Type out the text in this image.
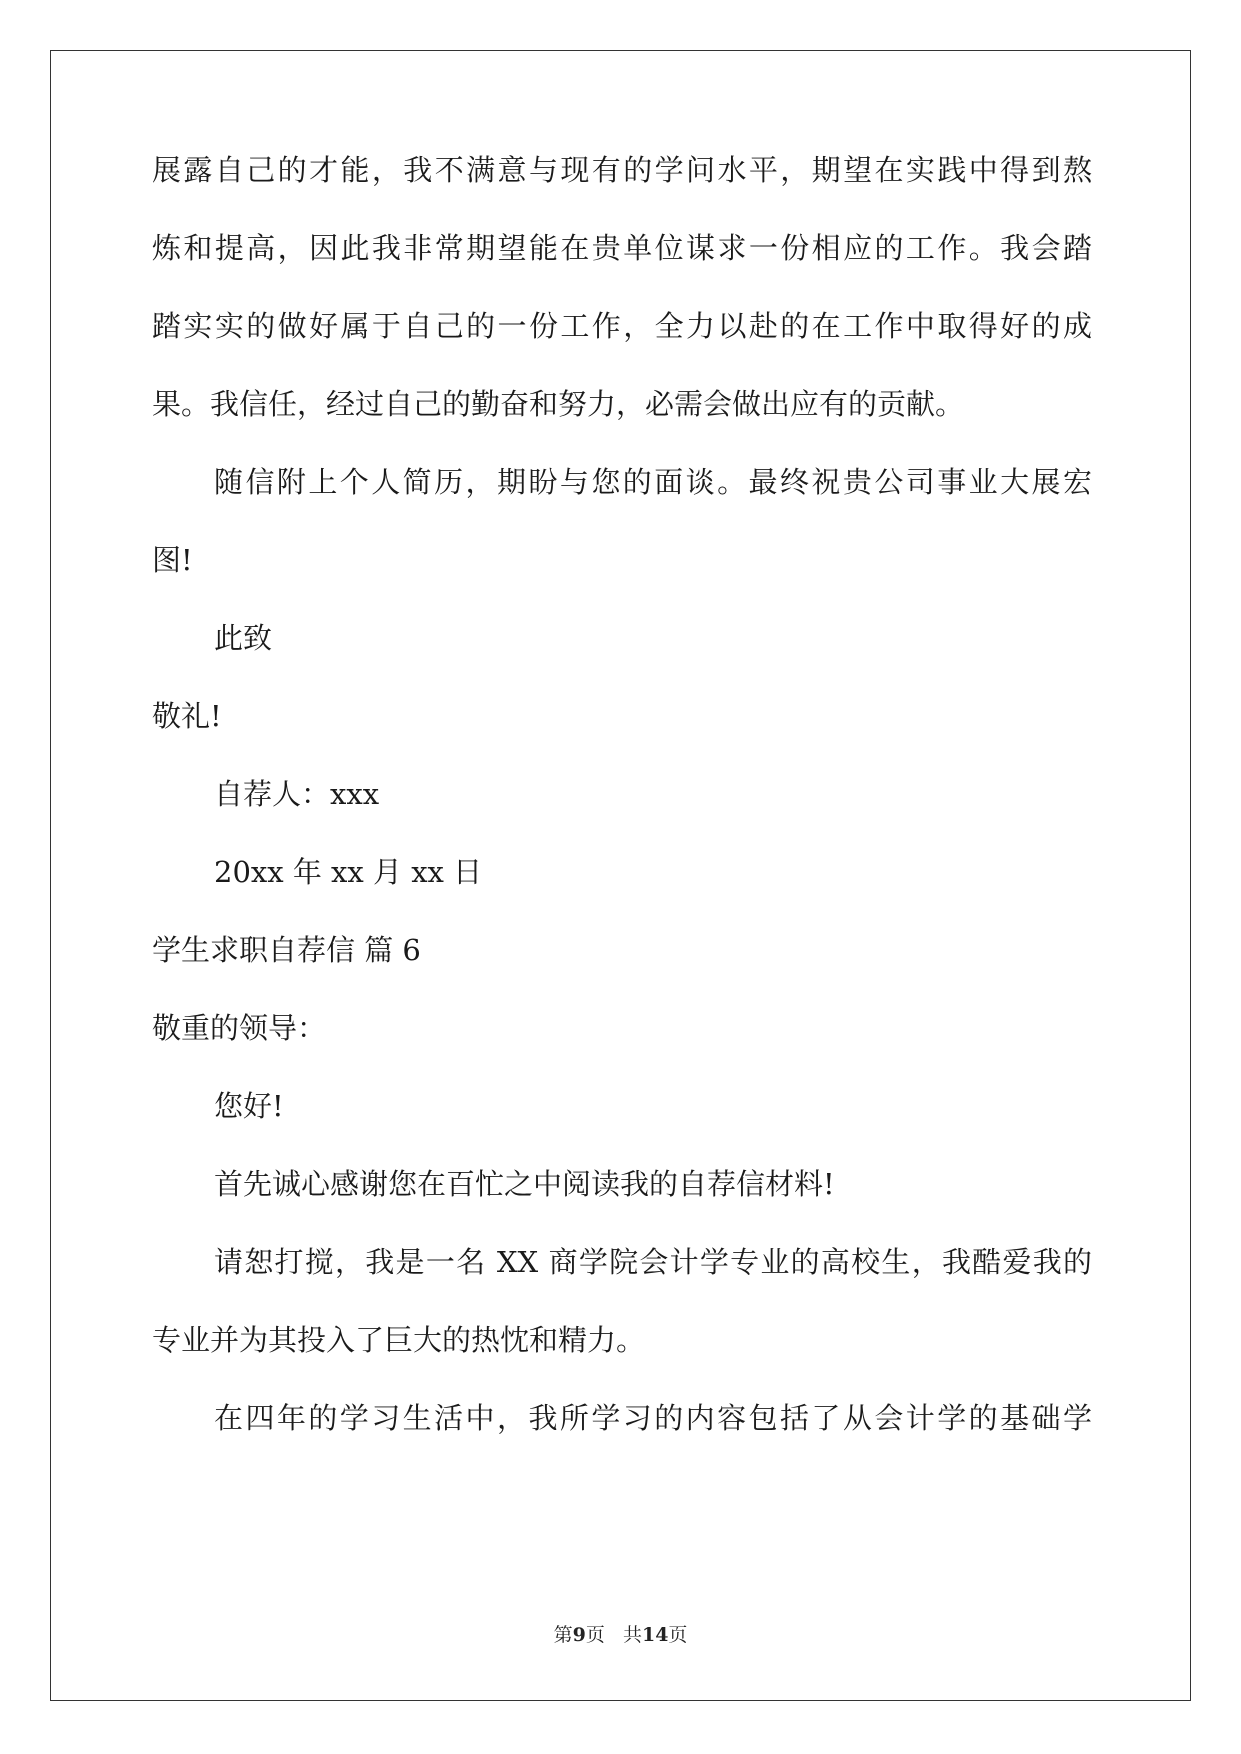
展露自己的才能，我不满意与现有的学问水平，期望在实践中得到熬
炼和提高，因此我非常期望能在贵单位谋求一份相应的工作。我会踏
踏实实的做好属于自己的一份工作，全力以赴的在工作中取得好的成
果。我信任，经过自己的勤奋和努力，必需会做出应有的贡献。
随信附上个人简历，期盼与您的面谈。最终祝贵公司事业大展宏
图!
此致
敬礼!
自荐人：xxx
20xx 年 xx 月 xx 日
学生求职自荐信 篇 6
敬重的领导：
您好!
首先诚心感谢您在百忙之中阅读我的自荐信材料!
请恕打搅，我是一名 XX 商学院会计学专业的高校生，我酷爱我的
专业并为其投入了巨大的热忱和精力。
在四年的学习生活中，我所学习的内容包括了从会计学的基础学
第9页 共14页
